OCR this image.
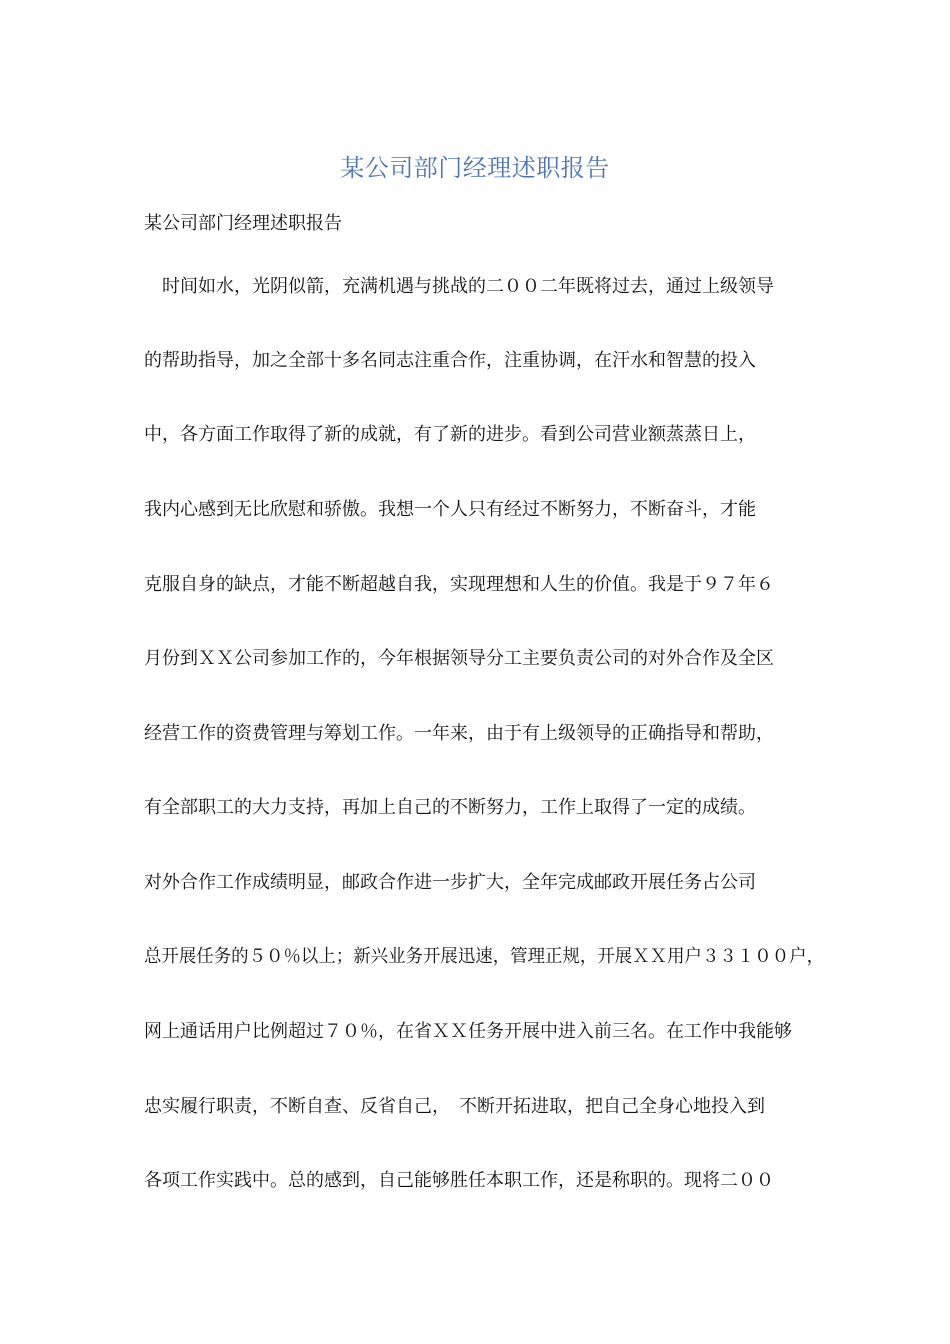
某公司部门经理述职报告
某公司部门经理述职报告
　时间如水，光阴似箭，充满机遇与挑战的二００二年既将过去，通过上级领导
的帮助指导，加之全部十多名同志注重合作，注重协调，在汗水和智慧的投入
中，各方面工作取得了新的成就，有了新的进步。看到公司营业额蒸蒸日上，
我内心感到无比欣慰和骄傲。我想一个人只有经过不断努力，不断奋斗，才能
克服自身的缺点，才能不断超越自我，实现理想和人生的价值。我是于９７年６
月份到ＸＸ公司参加工作的，今年根据领导分工主要负责公司的对外合作及全区
经营工作的资费管理与筹划工作。一年来，由于有上级领导的正确指导和帮助，
有全部职工的大力支持，再加上自己的不断努力，工作上取得了一定的成绩。
对外合作工作成绩明显，邮政合作进一步扩大，全年完成邮政开展任务占公司
总开展任务的５０％以上；新兴业务开展迅速，管理正规，开展ＸＸ用户３３１００户，
网上通话用户比例超过７０％，在省ＸＸ任务开展中进入前三名。在工作中我能够
忠实履行职责，不断自查、反省自己，　不断开拓进取，把自己全身心地投入到
各项工作实践中。总的感到，自己能够胜任本职工作，还是称职的。现将二００
